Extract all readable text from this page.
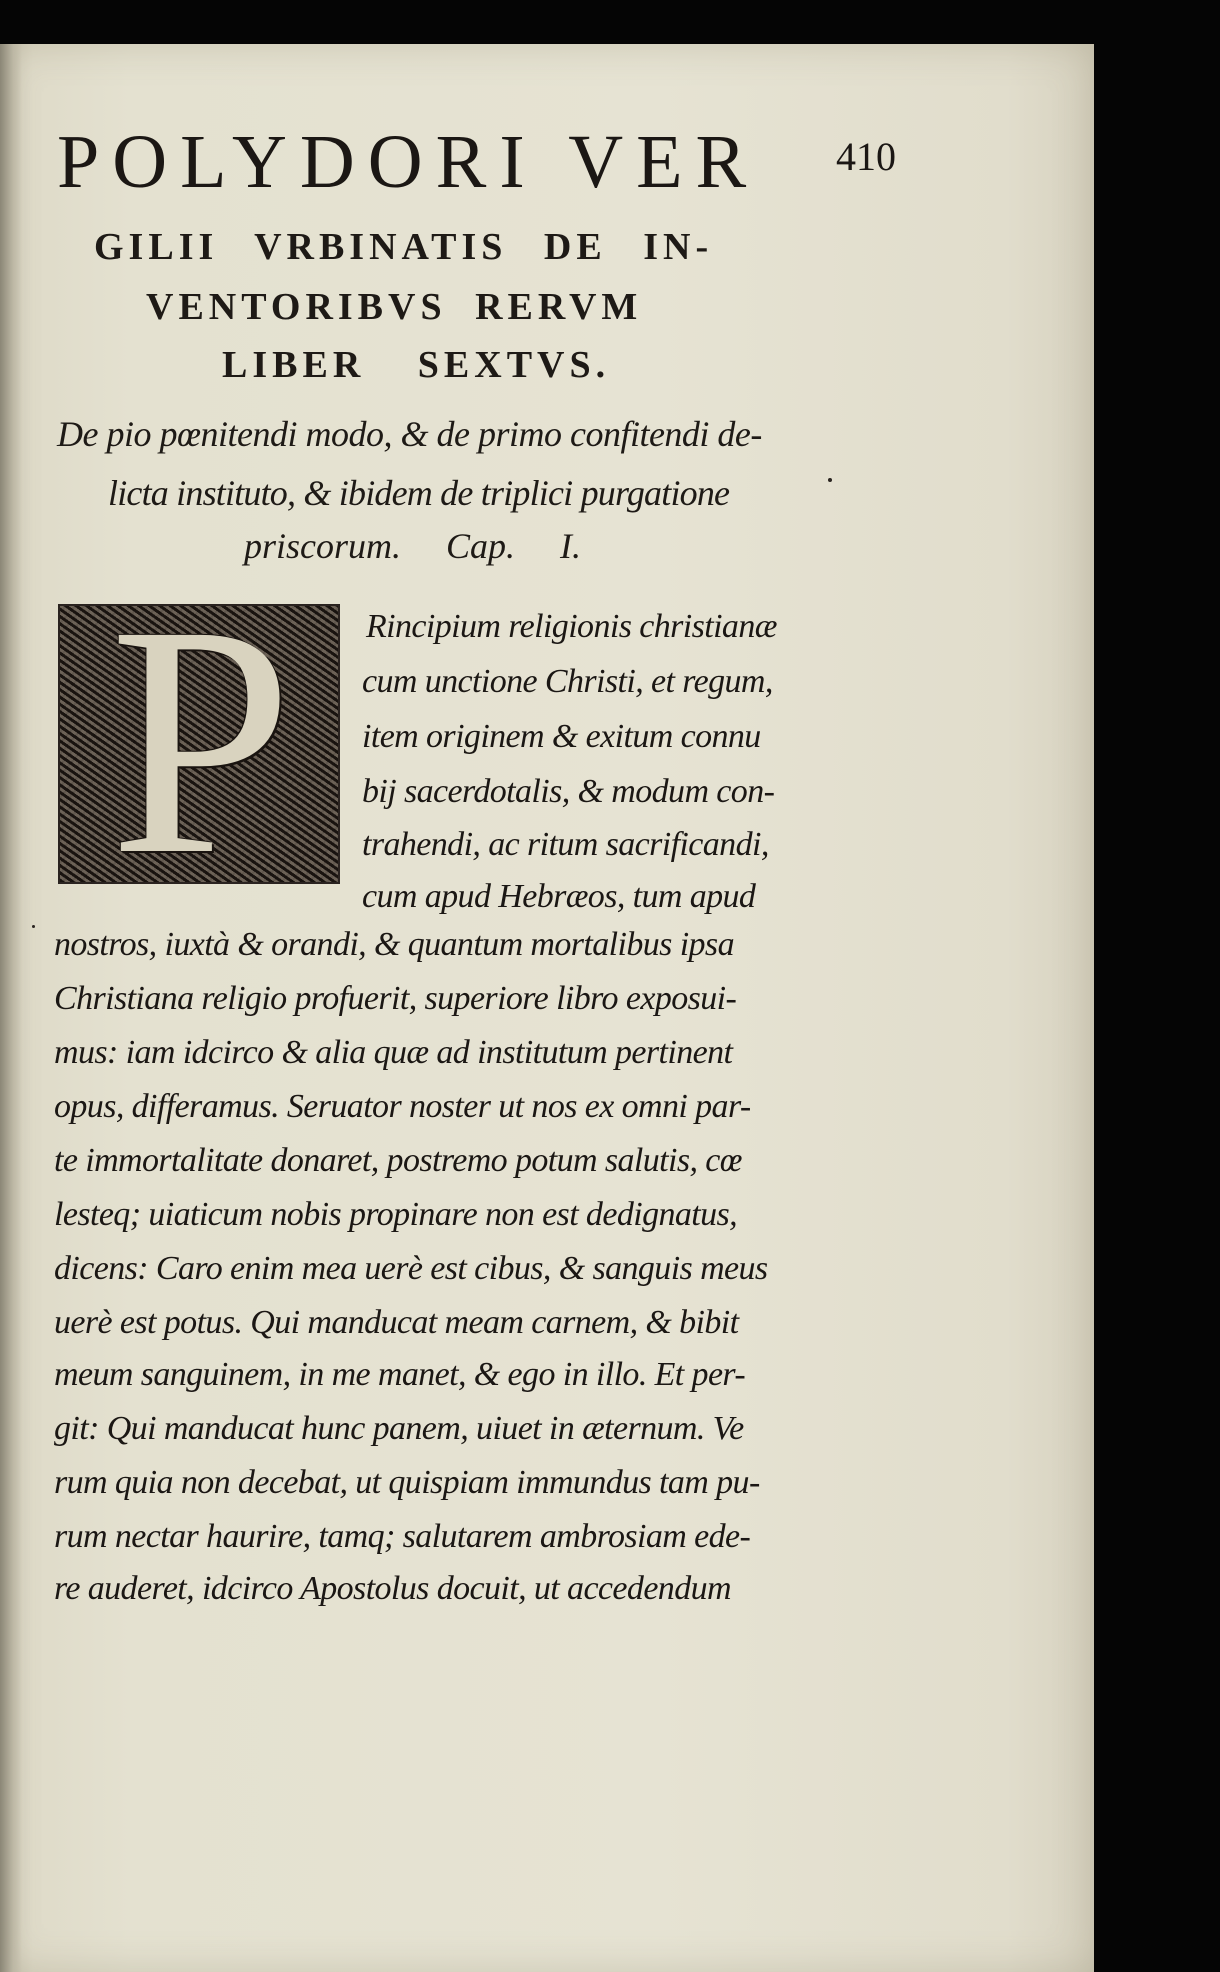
POLYDORI VER 410
GILII VRBINATIS DE IN-
VENTORIBVS RERVM
LIBER SEXTVS.

De pio pœnitendi modo, & de primo confitendi de-

licta instituto, & ibidem de triplici purgatione

priscorum. Cap. I.

P	Rincipium religionis christianæ

cum unctione Christi, et regum,

item originem & exitum connu

bij sacerdotalis, & modum con-

trahendi, ac ritum sacrificandi,

cum apud Hebræos, tum apud

nostros, iuxtà & orandi, & quantum mortalibus ipsa

Christiana religio profuerit, superiore libro exposui-

mus: iam idcirco & alia quæ ad institutum pertinent

opus, differamus. Seruator noster ut nos ex omni par-

te immortalitate donaret, postremo potum salutis, cœ

lesteq; uiaticum nobis propinare non est dedignatus,

dicens: Caro enim mea uerè est cibus, & sanguis meus

uerè est potus. Qui manducat meam carnem, & bibit

meum sanguinem, in me manet, & ego in illo. Et per-

git: Qui manducat hunc panem, uiuet in æternum. Ve

rum quia non decebat, ut quispiam immundus tam pu-

rum nectar haurire, tamq; salutarem ambrosiam ede-

re auderet, idcirco Apostolus docuit, ut accedendum
